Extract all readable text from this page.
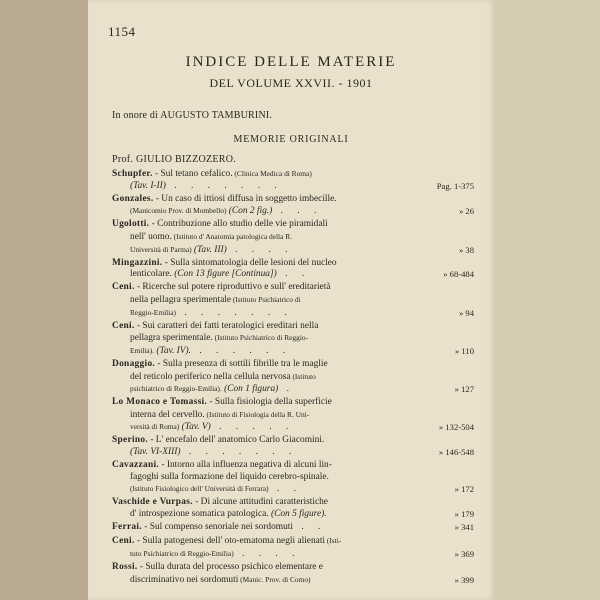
1154
INDICE DELLE MATERIE
DEL VOLUME XXVII. - 1901
In onore di AUGUSTO TAMBURINI.
MEMORIE ORIGINALI
Prof. GIULIO BIZZOZERO.
Schupfer. - Sul tetano cefalico. (Clinica Medica di Roma)
(Tav. I-II) . . . . . . .	Pag. 1-375
Gonzales. - Un caso di ittiosi diffusa in soggetto imbecille.
(Manicomio Prov. di Mombello) (Con 2 fig.) . . .	» 26
Ugolotti. - Contribuzione allo studio delle vie piramidali
nell' uomo. (Istituto d' Anatomia patologica della R.
Università di Parma) (Tav. III) . . . .	» 38
Mingazzini. - Sulla sintomatologia delle lesioni del nucleo
lenticolare. (Con 13 figure [Continua]) . .	» 68-484
Ceni. - Ricerche sul potere riproduttivo e sull' ereditarietà
nella pellagra sperimentale (Istituto Psichiatrico di
Reggio-Emilia) . . . . . . .	» 94
Ceni. - Sui caratteri dei fatti teratologici ereditari nella
pellagra sperimentale. (Istituto Psichiatrico di Reggio-
Emilia). (Tav. IV). . . . . . .	» 110
Donaggio. - Sulla presenza di sottili fibrille tra le maglie
del reticolo periferico nella cellula nervosa (Istituto
psichiatrico di Reggio-Emilia). (Con 1 figura) .	» 127
Lo Monaco e Tomassi. - Sulla fisiologia della superficie
interna del cervello. (Istituto di Fisiologia della R. Uni-
versità di Roma) (Tav. V) . . . . .	» 132-504
Sperino. - L' encefalo dell' anatomico Carlo Giacomini.
(Tav. VI-XIII) . . . . . . .	» 146-548
Cavazzani. - Intorno alla influenza negativa di alcuni lin-
fagoghi sulla formazione del liquido cerebro-spinale.
(Istituto Fisiologico dell' Università di Ferrara) . .	» 172
Vaschide e Vurpas. - Di alcune attitudini caratteristiche
d' introspezione somatica patologica. (Con 5 figure).	» 179
Ferrai. - Sul compenso senoriale nei sordomuti . .	» 341
Ceni. - Sulla patogenesi dell' oto-ematoma negli alienati (Isti-
tuto Psichiatrico di Reggio-Emilia) . . . .	» 369
Rossi. - Sulla durata del processo psichico elementare e
discriminativo nei sordomuti (Manic. Prov. di Como)	» 399
